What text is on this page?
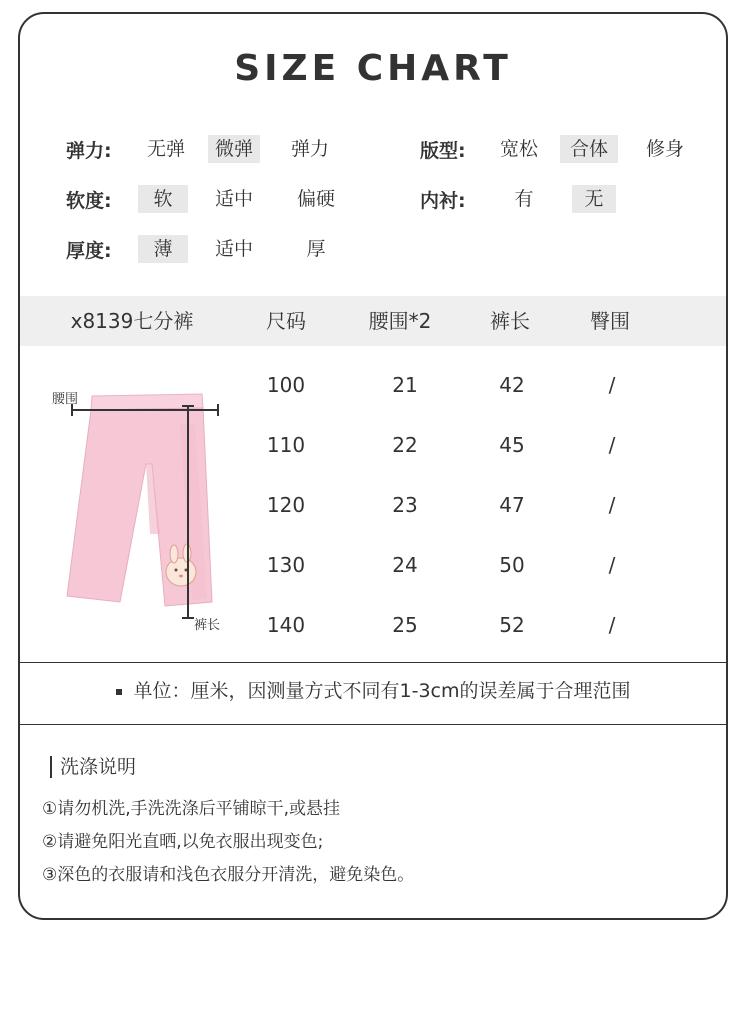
SIZE CHART
弹力:	无弹	微弹	弹力	版型:	宽松	合体	修身
软度:	软	适中	偏硬	内衬:	有	无
厚度:	薄	适中	厚
x8139七分裤	尺码	腰围*2	裤长	臀围
100	21	42	/
110	22	45	/
120	23	47	/
130	24	50	/
140	25	52	/
腰围
裤长
单位：厘米，因测量方式不同有1-3cm的误差属于合理范围
洗涤说明
①请勿机洗,手洗洗涤后平铺晾干,或悬挂
②请避免阳光直晒,以免衣服出现变色;
③深色的衣服请和浅色衣服分开清洗，避免染色。
